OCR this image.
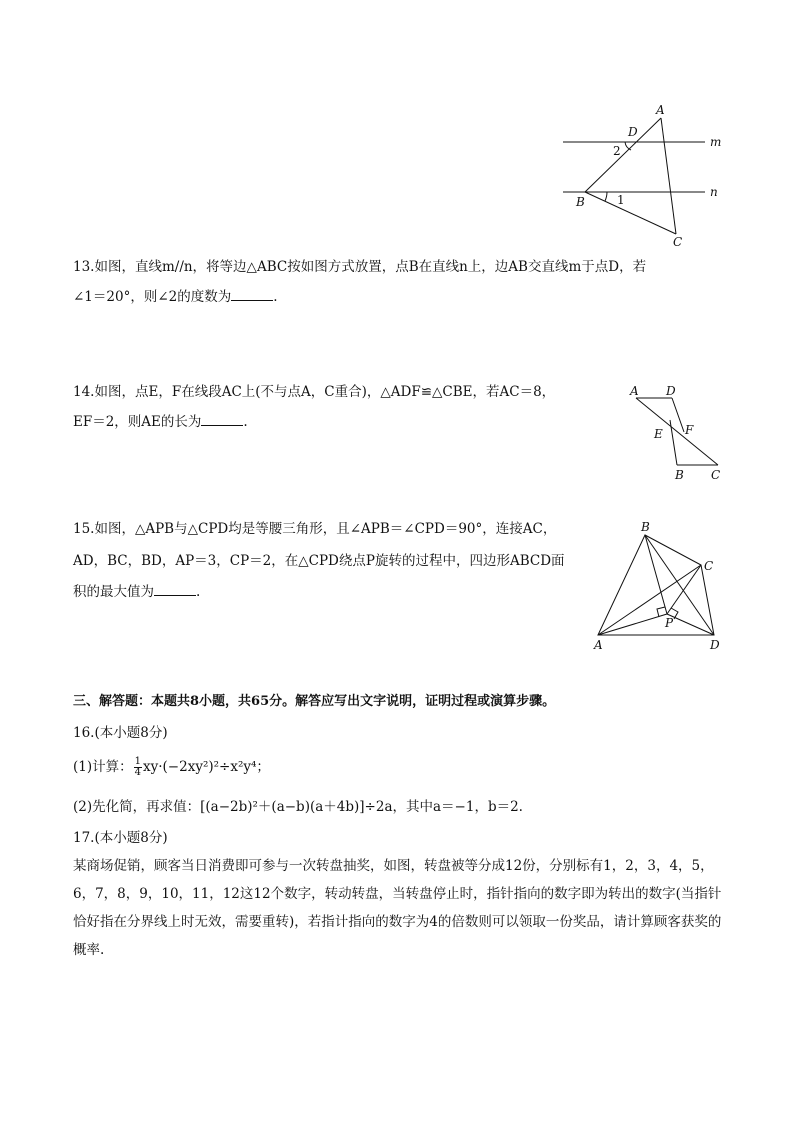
A
D
m
2
B	1
n
C
13.如图，直线m//n，将等边△ABC按如图方式放置，点B在直线n上，边AB交直线m于点D，若
∠1＝20°，则∠2的度数为	.
A D
E F
B C
14.如图，点E，F在线段AC上(不与点A，C重合)，△ADF≌△CBE，若AC＝8，
EF＝2，则AE的长为	.
B
C
P
A	D
15.如图，△APB与△CPD均是等腰三角形，且∠APB＝∠CPD＝90°，连接AC，
AD，BC，BD，AP＝3，CP＝2，在△CPD绕点P旋转的过程中，四边形ABCD面
积的最大值为	.
三、解答题：本题共8小题，共65分。解答应写出文字说明，证明过程或演算步骤。
16.(本小题8分)
(1)计算： $\frac{1}{4} xy\cdot(-2xy^2)^2\div x^2y^4$；
(2)先化简，再求值：[(a−2b)²＋(a−b)(a＋4b)]÷2a，其中a＝−1，b＝2.
17.(本小题8分)
某商场促销，顾客当日消费即可参与一次转盘抽奖，如图，转盘被等分成12份，分别标有1，2，3，4，5，6，7，8，9，10，11，12这12个数字，转动转盘，当转盘停止时，指针指向的数字即为转出的数字(当指针恰好指在分界线上时无效，需要重转)，若指计指向的数字为4的倍数则可以领取一份奖品，请计算顾客获奖的概率.
